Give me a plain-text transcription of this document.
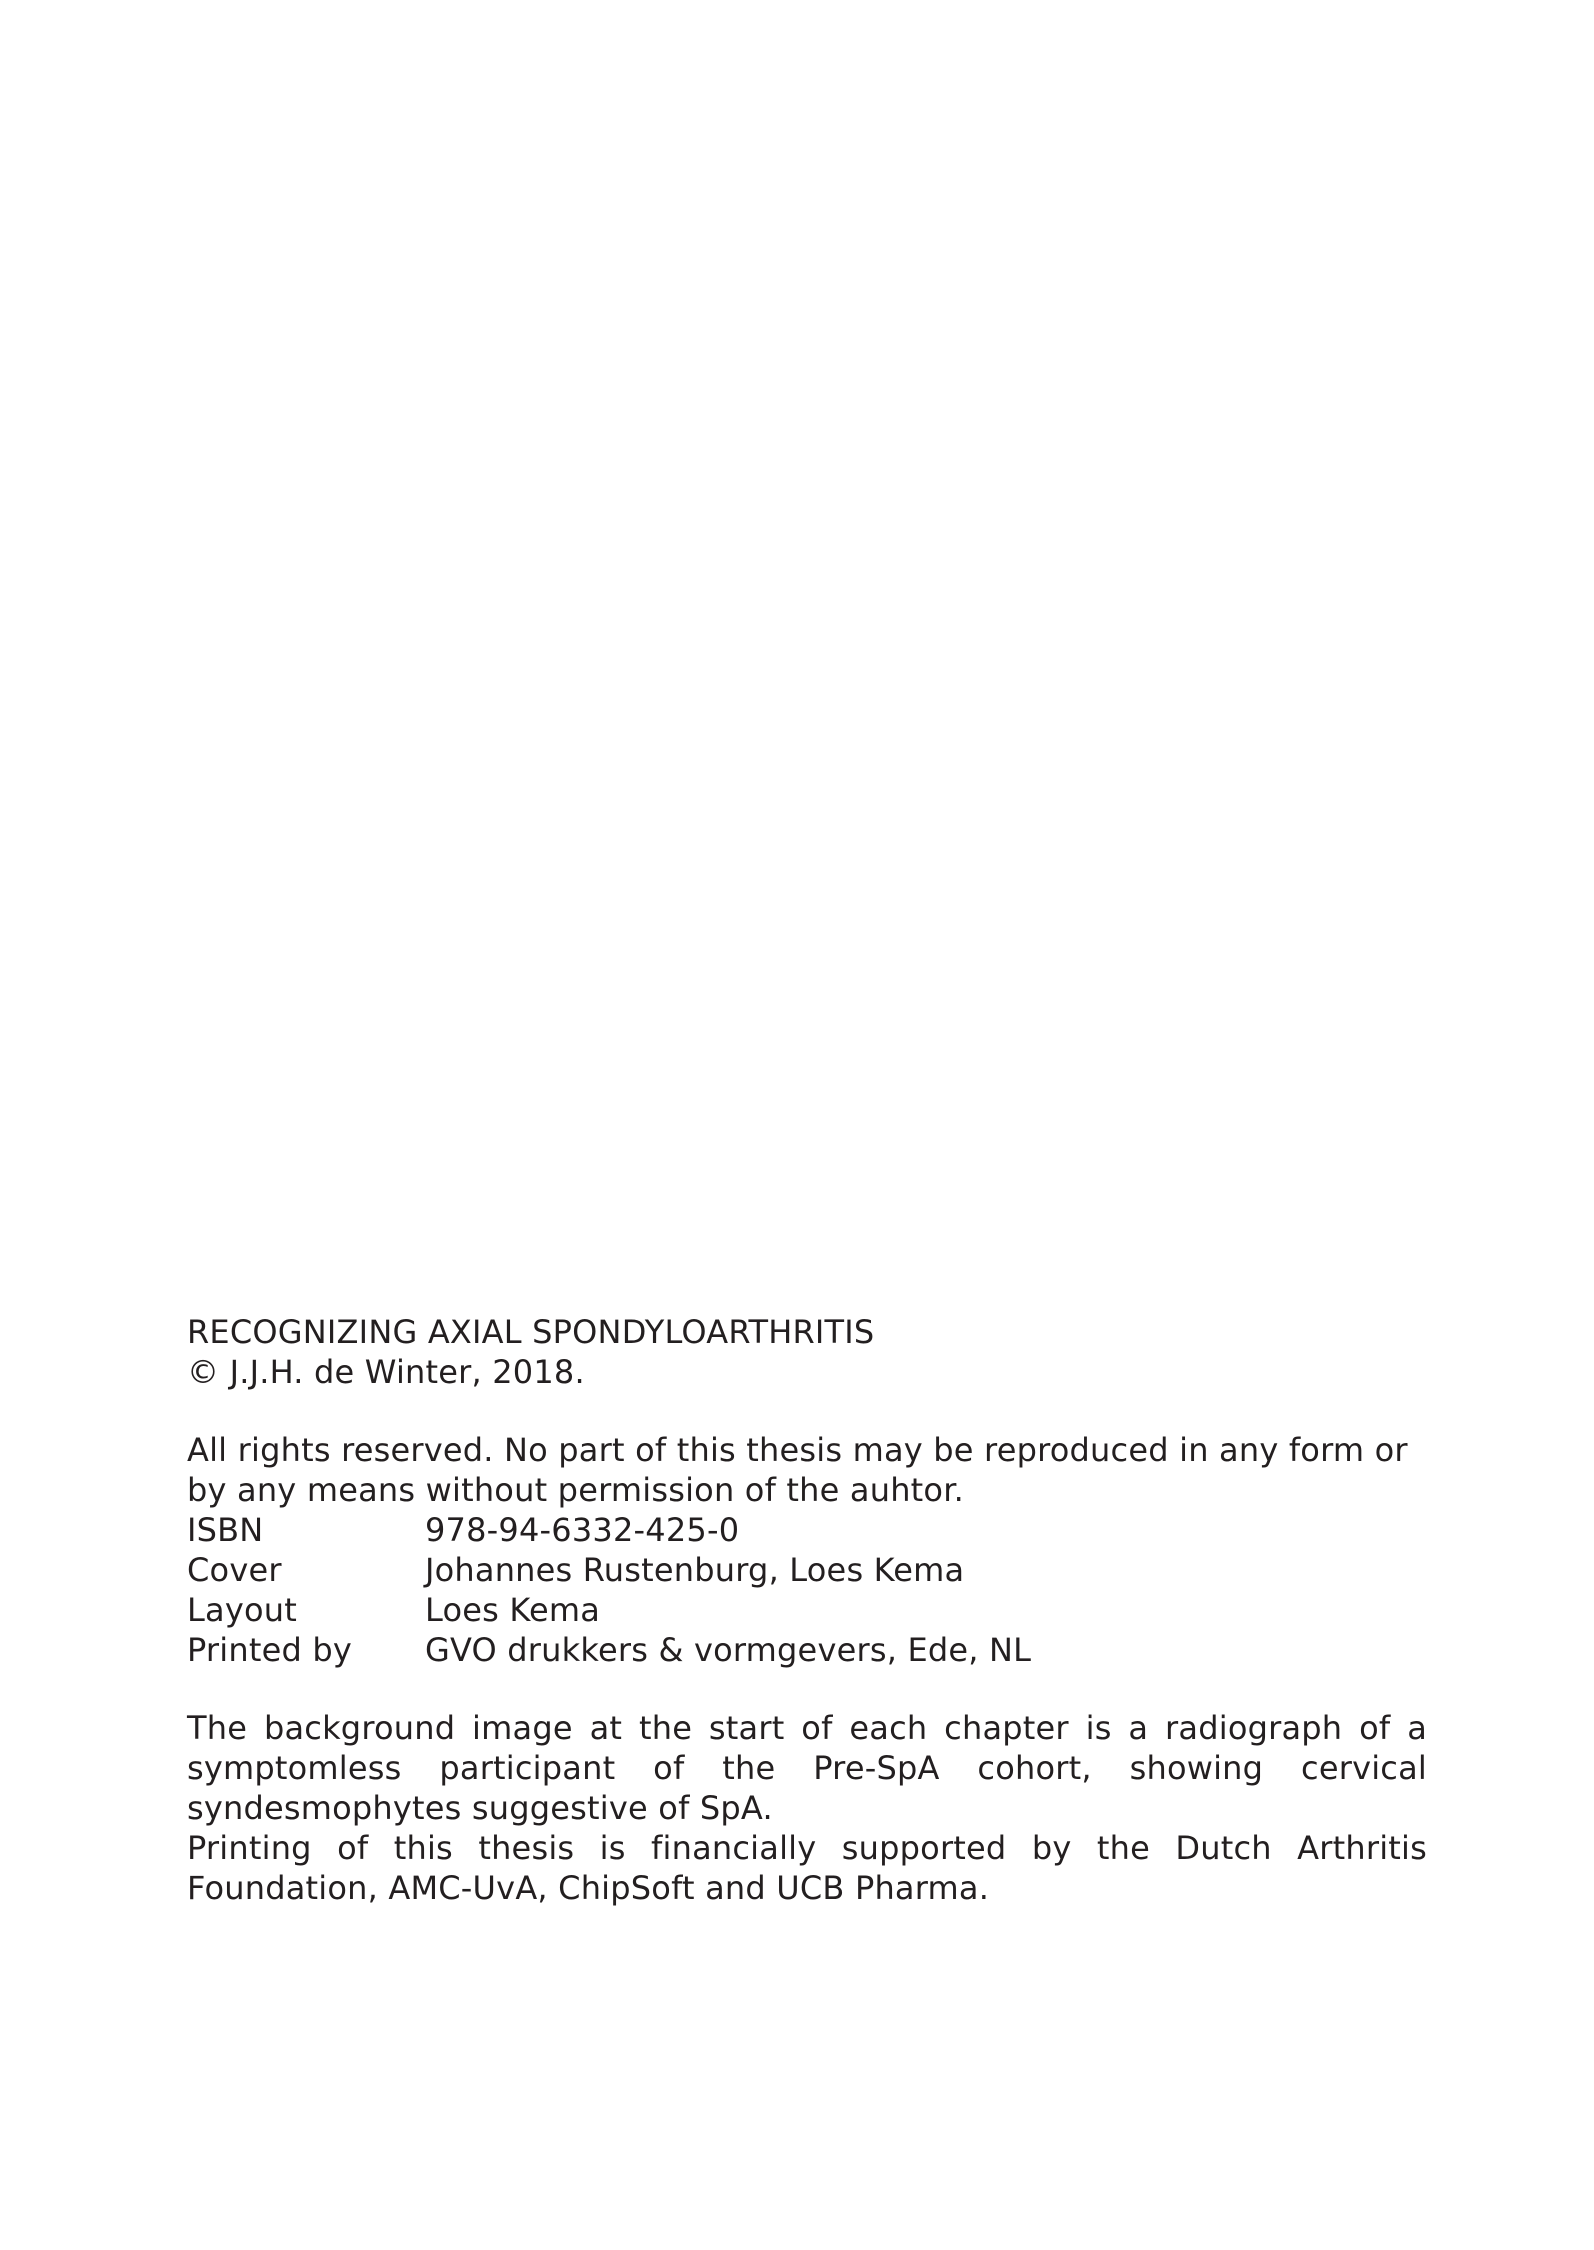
RECOGNIZING AXIAL SPONDYLOARTHRITIS

© J.J.H. de Winter, 2018.

All rights reserved. No part of this thesis may be reproduced in any form or by any means without permission of the auhtor.

ISBN	978-94-6332-425-0
Cover	Johannes Rustenburg, Loes Kema
Layout	Loes Kema
Printed by	GVO drukkers & vormgevers, Ede, NL

The background image at the start of each chapter is a radiograph of a symptomless participant of the Pre-SpA cohort, showing cervical syndesmophytes suggestive of SpA.

Printing of this thesis is financially supported by the Dutch Arthritis Foundation, AMC-UvA, ChipSoft and UCB Pharma.
